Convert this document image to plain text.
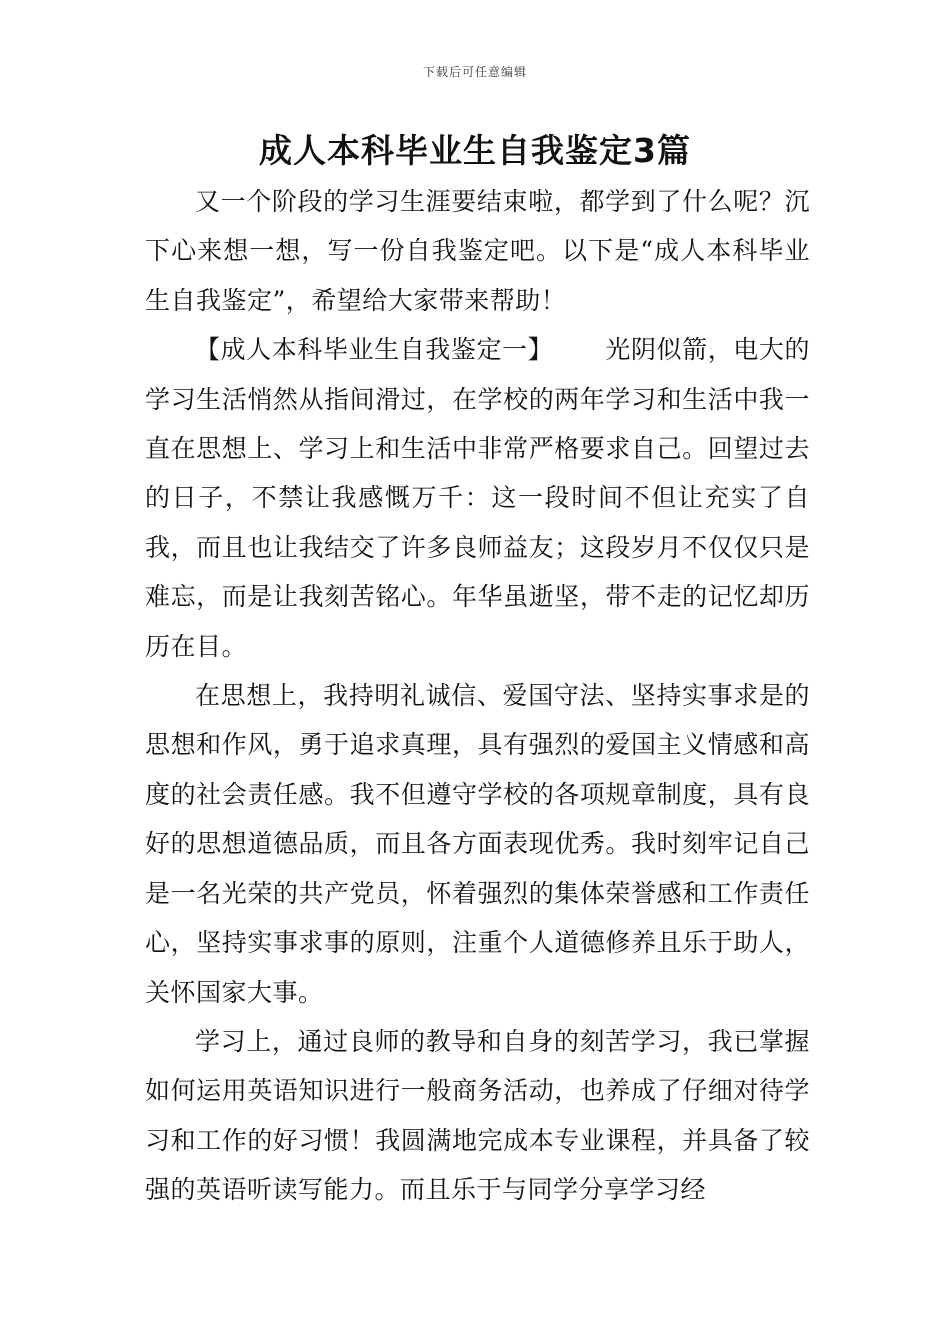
下载后可任意编辑
成人本科毕业生自我鉴定3篇

又一个阶段的学习生涯要结束啦，都学到了什么呢？沉下心来想一想，写一份自我鉴定吧。以下是“成人本科毕业生自我鉴定”，希望给大家带来帮助！

【成人本科毕业生自我鉴定一】 光阴似箭，电大的学习生活悄然从指间滑过，在学校的两年学习和生活中我一直在思想上、学习上和生活中非常严格要求自己。回望过去的日子，不禁让我感慨万千：这一段时间不但让充实了自我，而且也让我结交了许多良师益友；这段岁月不仅仅只是难忘，而是让我刻苦铭心。年华虽逝坚，带不走的记忆却历历在目。

在思想上，我持明礼诚信、爱国守法、坚持实事求是的思想和作风，勇于追求真理，具有强烈的爱国主义情感和高度的社会责任感。我不但遵守学校的各项规章制度，具有良好的思想道德品质，而且各方面表现优秀。我时刻牢记自己是一名光荣的共产党员，怀着强烈的集体荣誉感和工作责任心，坚持实事求事的原则，注重个人道德修养且乐于助人，关怀国家大事。

学习上，通过良师的教导和自身的刻苦学习，我已掌握如何运用英语知识进行一般商务活动，也养成了仔细对待学习和工作的好习惯！我圆满地完成本专业课程，并具备了较强的英语听读写能力。而且乐于与同学分享学习经
